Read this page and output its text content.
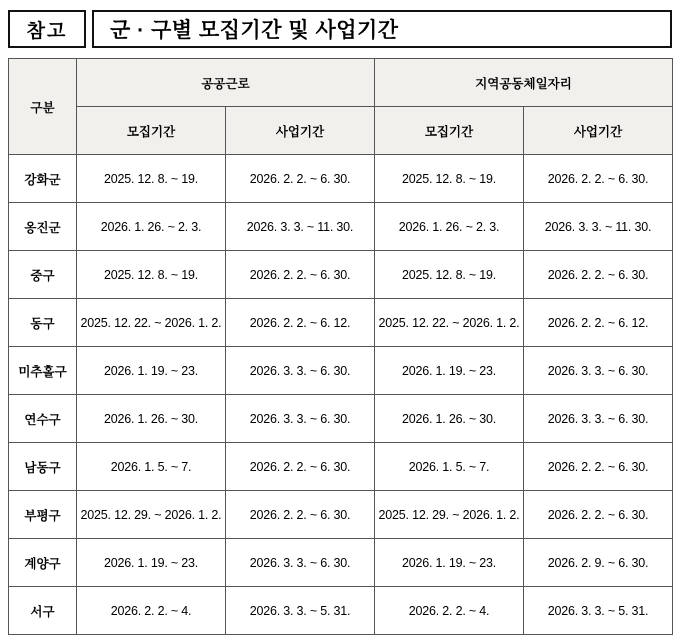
참고	군 · 구별 모집기간 및 사업기간
구분	공공근로		지역공동체일자리	
	모집기간	사업기간	모집기간	사업기간
강화군	2025. 12. 8. ~ 19.	2026. 2. 2. ~ 6. 30.	2025. 12. 8. ~ 19.	2026. 2. 2. ~ 6. 30.
옹진군	2026. 1. 26. ~ 2. 3.	2026. 3. 3. ~ 11. 30.	2026. 1. 26. ~ 2. 3.	2026. 3. 3. ~ 11. 30.
중구	2025. 12. 8. ~ 19.	2026. 2. 2. ~ 6. 30.	2025. 12. 8. ~ 19.	2026. 2. 2. ~ 6. 30.
동구	2025. 12. 22. ~ 2026. 1. 2.	2026. 2. 2. ~ 6. 12.	2025. 12. 22. ~ 2026. 1. 2.	2026. 2. 2. ~ 6. 12.
미추홀구	2026. 1. 19. ~ 23.	2026. 3. 3. ~ 6. 30.	2026. 1. 19. ~ 23.	2026. 3. 3. ~ 6. 30.
연수구	2026. 1. 26. ~ 30.	2026. 3. 3. ~ 6. 30.	2026. 1. 26. ~ 30.	2026. 3. 3. ~ 6. 30.
남동구	2026. 1. 5. ~ 7.	2026. 2. 2. ~ 6. 30.	2026. 1. 5. ~ 7.	2026. 2. 2. ~ 6. 30.
부평구	2025. 12. 29. ~ 2026. 1. 2.	2026. 2. 2. ~ 6. 30.	2025. 12. 29. ~ 2026. 1. 2.	2026. 2. 2. ~ 6. 30.
계양구	2026. 1. 19. ~ 23.	2026. 3. 3. ~ 6. 30.	2026. 1. 19. ~ 23.	2026. 2. 9. ~ 6. 30.
서구	2026. 2. 2. ~ 4.	2026. 3. 3. ~ 5. 31.	2026. 2. 2. ~ 4.	2026. 3. 3. ~ 5. 31.
